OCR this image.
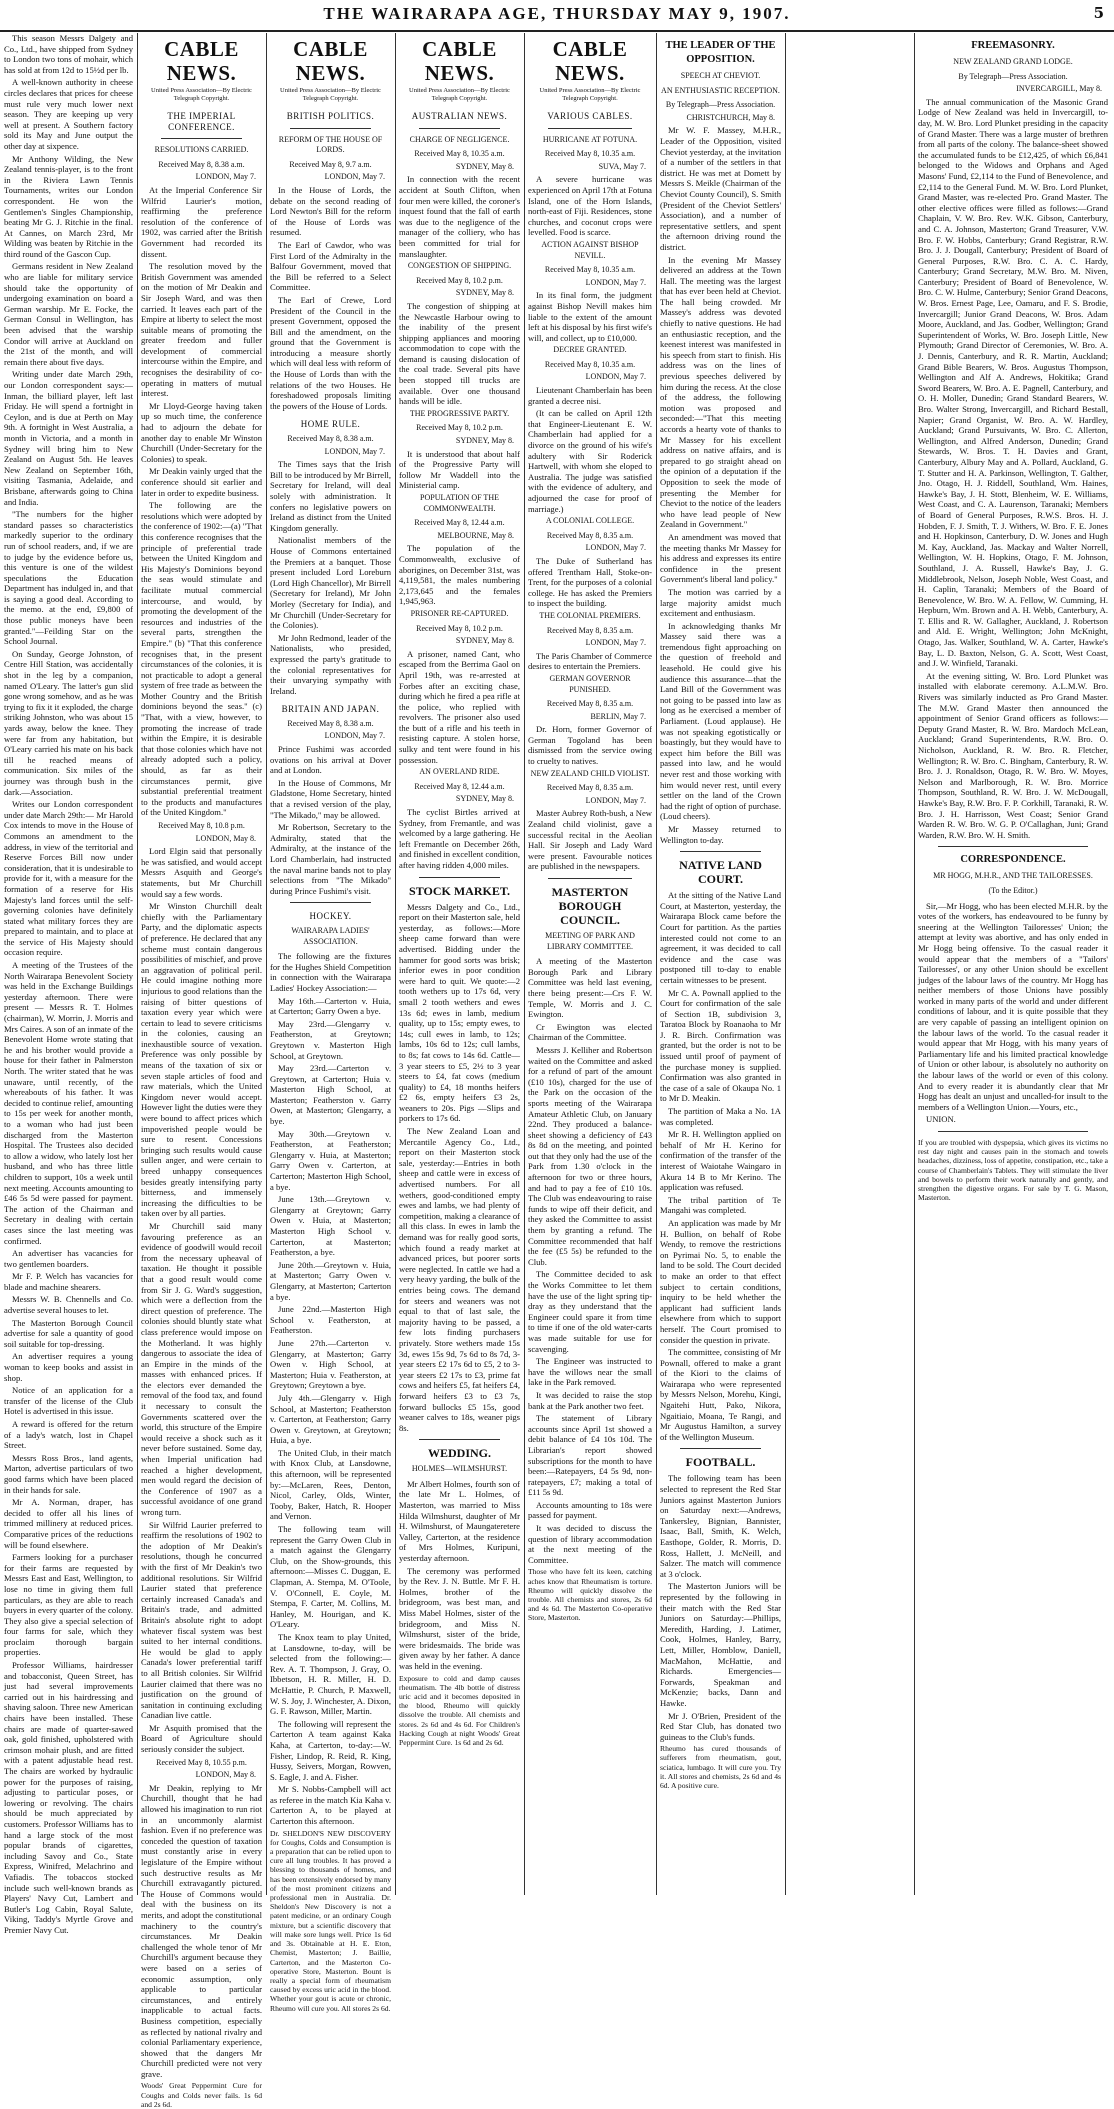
THE WAIRARAPA AGE, THURSDAY MAY 9, 1907.	5

This season Messrs Dalgety and Co., Ltd., have shipped from Sydney to London two tons of mohair, which has sold at from 12d to 15½d per lb.

A well-known authority in cheese circles declares that prices for cheese must rule very much lower next season. They are keeping up very well at present. A Southern factory sold its May and June output the other day at sixpence.

Mr Anthony Wilding, the New Zealand tennis-player, is to the front in the Riviera Lawn Tennis Tournaments, writes our London correspondent. He won the Gentlemen's Singles Championship, beating Mr G. J. Ritchie in the final. At Cannes, on March 23rd, Mr Wilding was beaten by Ritchie in the third round of the Gascon Cup.

Germans resident in New Zealand who are liable for military service should take the opportunity of undergoing examination on board a German warship. Mr E. Focke, the German Consul in Wellington, has been advised that the warship Condor will arrive at Auckland on the 21st of the month, and will remain there about five days.

Writing under date March 29th, our London correspondent says:— Inman, the billiard player, left last Friday. He will spend a fortnight in Ceylon, and is due at Perth on May 9th. A fortnight in West Australia, a month in Victoria, and a month in Sydney will bring him to New Zealand on August 5th. He leaves New Zealand on September 16th, visiting Tasmania, Adelaide, and Brisbane, afterwards going to China and India.

"The numbers for the higher standard passes so characteristics markedly superior to the ordinary run of school readers, and, if we are to judge by the evidence before us, this venture is one of the wildest speculations the Education Department has indulged in, and that is saying a good deal. According to the memo. at the end, £9,800 of those public moneys have been granted."—Feilding Star on the School Journal.

On Sunday, George Johnston, of Centre Hill Station, was accidentally shot in the leg by a companion, named O'Leary. The latter's gun slid gone wrong somehow, and as he was trying to fix it it exploded, the charge striking Johnston, who was about 15 yards away, below the knee. They were far from any habitation, but O'Leary carried his mate on his back till he reached means of communication. Six miles of the journey was through bush in the dark.—Association.

Writes our London correspondent under date March 29th:— Mr Harold Cox intends to move in the House of Commons an amendment to the address, in view of the territorial and Reserve Forces Bill now under consideration, that it is undesirable to provide for it, with a measure for the formation of a reserve for His Majesty's land forces until the self-governing colonies have definitely stated what military forces they are prepared to maintain, and to place at the service of His Majesty should occasion require.

A meeting of the Trustees of the North Wairarapa Benevolent Society was held in the Exchange Buildings yesterday afternoon. There were present — Messrs R. T. Holmes (chairman), W. Morrin, J. Morris and Mrs Caires. A son of an inmate of the Benevolent Home wrote stating that he and his brother would provide a house for their father in Palmerston North. The writer stated that he was unaware, until recently, of the whereabouts of his father. It was decided to continue relief, amounting to 15s per week for another month, to a woman who had just been discharged from the Masterton Hospital. The Trustees also decided to allow a widow, who lately lost her husband, and who has three little children to support, 10s a week until next meeting. Accounts amounting to £46 5s 5d were passed for payment. The action of the Chairman and Secretary in dealing with certain cases since the last meeting was confirmed.

An advertiser has vacancies for two gentlemen boarders.

Mr F. P. Welch has vacancies for blade and machine shearers.

Messrs W. B. Chennells and Co. advertise several houses to let.

The Masterton Borough Council advertise for sale a quantity of good soil suitable for top-dressing.

An advertiser requires a young woman to keep books and assist in shop.

Notice of an application for a transfer of the license of the Club Hotel is advertised in this issue.

A reward is offered for the return of a lady's watch, lost in Chapel Street.

Messrs Ross Bros., land agents, Marton, advertise particulars of two good farms which have been placed in their hands for sale.

Mr A. Norman, draper, has decided to offer all his lines of trimmed millinery at reduced prices. Comparative prices of the reductions will be found elsewhere.

Farmers looking for a purchaser for their farms are requested by Messrs East and East, Wellington, to lose no time in giving them full particulars, as they are able to reach buyers in every quarter of the colony. They also give a special selection of four farms for sale, which they proclaim thorough bargain properties.

Professor Williams, hairdresser and tobacconist, Queen Street, has just had several improvements carried out in his hairdressing and shaving saloon. Three new American chairs have been installed. These chairs are made of quarter-sawed oak, gold finished, upholstered with crimson mohair plush, and are fitted with a patent adjustable head rest. The chairs are worked by hydraulic power for the purposes of raising, adjusting to particular poses, or lowering or revolving. The chairs should be much appreciated by customers. Professor Williams has to hand a large stock of the most popular brands of cigarettes, including Savoy and Co., State Express, Winifred, Melachrino and Vafiadis. The tobaccos stocked include such well-known brands as Players' Navy Cut, Lambert and Butler's Log Cabin, Royal Salute, Viking, Taddy's Myrtle Grove and Premier Navy Cut.

CABLE NEWS.
United Press Association—By Electric Telegraph Copyright.
THE IMPERIAL CONFERENCE.
RESOLUTIONS CARRIED.
Received May 8, 8.38 a.m.
LONDON, May 7.

At the Imperial Conference Sir Wilfrid Laurier's motion, reaffirming the preference resolution of the conference of 1902, was carried after the British Government had recorded its dissent.

The resolution moved by the British Government was amended on the motion of Mr Deakin and Sir Joseph Ward, and was then carried. It leaves each part of the Empire at liberty to select the most suitable means of promoting the greater freedom and fuller development of commercial intercourse within the Empire, and recognises the desirability of co-operating in matters of mutual interest.

Mr Lloyd-George having taken up so much time, the conference had to adjourn the debate for another day to enable Mr Winston Churchill (Under-Secretary for the Colonies) to speak.

Mr Deakin vainly urged that the conference should sit earlier and later in order to expedite business.

The following are the resolutions which were adopted by the conference of 1902:—(a) "That this conference recognises that the principle of preferential trade between the United Kingdom and His Majesty's Dominions beyond the seas would stimulate and facilitate mutual commercial intercourse, and would, by promoting the development of the resources and industries of the several parts, strengthen the Empire." (b) "That this conference recognises that, in the present circumstances of the colonies, it is not practicable to adopt a general system of free trade as between the Mother Country and the British dominions beyond the seas." (c) "That, with a view, however, to promoting the increase of trade within the Empire, it is desirable that those colonies which have not already adopted such a policy, should, as far as their circumstances permit, give substantial preferential treatment to the products and manufactures of the United Kingdom."

Received May 8, 10.8 p.m.
LONDON, May 8.

Lord Elgin said that personally he was satisfied, and would accept Messrs Asquith and George's statements, but Mr Churchill would say a few words.

Mr Winston Churchill dealt chiefly with the Parliamentary Party, and the diplomatic aspects of preference. He declared that any scheme must contain dangerous possibilities of mischief, and prove an aggravation of political peril. He could imagine nothing more injurious to good relations than the raising of bitter questions of taxation every year which were certain to lead to severe criticisms in the colonies, causing an inexhaustible source of vexation. Preference was only possible by means of the taxation of six or seven staple articles of food and raw materials, which the United Kingdom never would accept. However light the duties were they were bound to affect prices which impoverished people would be sure to resent. Concessions bringing such results would cause sullen anger, and were certain to breed unhappy consequences besides greatly intensifying party bitterness, and immensely increasing the difficulties to be taken over by all parties.

Mr Churchill said many favouring preference as an evidence of goodwill would recoil from the necessary upheaval of taxation. He thought it possible that a good result would come from Sir J. G. Ward's suggestion, which were a deflection from the direct question of preference. The colonies should bluntly state what class preference would impose on the Motherland. It was highly dangerous to associate the idea of an Empire in the minds of the masses with enhanced prices. If the electors ever demanded the removal of the food tax, and found it necessary to consult the Governments scattered over the world, this structure of the Empire would receive a shock such as it never before sustained. Some day, when Imperial unification had reached a higher development, men would regard the decision of the Conference of 1907 as a successful avoidance of one grand wrong turn.

Sir Wilfrid Laurier preferred to reaffirm the resolutions of 1902 to the adoption of Mr Deakin's resolutions, though he concurred with the first of Mr Deakin's two additional resolutions. Sir Wilfrid Laurier stated that preference certainly increased Canada's and Britain's trade, and admitted Britain's absolute right to adopt whatever fiscal system was best suited to her internal conditions. He would be glad to apply Canada's lower preferential tariff to all British colonies. Sir Wilfrid Laurier claimed that there was no justification on the ground of sanitation in continuing excluding Canadian live cattle.

Mr Asquith promised that the Board of Agriculture should seriously consider the subject.

Received May 8, 10.55 p.m.
LONDON, May 8.

Mr Deakin, replying to Mr Churchill, thought that he had allowed his imagination to run riot in an uncommonly alarmist fashion. Even if no preference was conceded the question of taxation must constantly arise in every legislature of the Empire without such destructive results as Mr Churchill extravagantly pictured. The House of Commons would deal with the business on its merits, and adopt the constitutional machinery to the country's circumstances. Mr Deakin challenged the whole tenor of Mr Churchill's argument because they were based on a series of economic assumption, only applicable to particular circumstances, and entirely inapplicable to actual facts. Business competition, especially as reflected by national rivalry and colonial Parliamentary experience, showed that the dangers Mr Churchill predicted were not very grave.

Woods' Great Peppermint Cure for Coughs and Colds never fails. 1s 6d and 2s 6d.
CABLE NEWS.
United Press Association—By Electric Telegraph Copyright.
BRITISH POLITICS.
REFORM OF THE HOUSE OF LORDS.
Received May 8, 9.7 a.m.
LONDON, May 7.

In the House of Lords, the debate on the second reading of Lord Newton's Bill for the reform of the House of Lords was resumed.

The Earl of Cawdor, who was First Lord of the Admiralty in the Balfour Government, moved that the Bill be referred to a Select Committee.

The Earl of Crewe, Lord President of the Council in the present Government, opposed the Bill and the amendment, on the ground that the Government is introducing a measure shortly which will deal less with reform of the House of Lords than with the relations of the two Houses. He foreshadowed proposals limiting the powers of the House of Lords.

HOME RULE.
Received May 8, 8.38 a.m.
LONDON, May 7.

The Times says that the Irish Bill to be introduced by Mr Birrell, Secretary for Ireland, will deal solely with administration. It confers no legislative powers on Ireland as distinct from the United Kingdom generally.

Nationalist members of the House of Commons entertained the Premiers at a banquet. Those present included Lord Loreburn (Lord High Chancellor), Mr Birrell (Secretary for Ireland), Mr John Morley (Secretary for India), and Mr Churchill (Under-Secretary for the Colonies).

Mr John Redmond, leader of the Nationalists, who presided, expressed the party's gratitude to the colonial representatives for their unvarying sympathy with Ireland.

BRITAIN AND JAPAN.
Received May 8, 8.38 a.m.
LONDON, May 7.

Prince Fushimi was accorded ovations on his arrival at Dover and at London.

In the House of Commons, Mr Gladstone, Home Secretary, hinted that a revised version of the play, "The Mikado," may be allowed.

Mr Robertson, Secretary to the Admiralty, stated that the Admiralty, at the instance of the Lord Chamberlain, had instructed the naval marine bands not to play selections from "The Mikado" during Prince Fushimi's visit.

HOCKEY.
WAIRARAPA LADIES' ASSOCIATION.

The following are the fixtures for the Hughes Shield Competition in connection with the Wairarapa Ladies' Hockey Association:—

May 16th.—Carterton v. Huia, at Carterton; Garry Owen a bye.

May 23rd.—Glengarry v. Featherston, at Greytown; Greytown v. Masterton High School, at Greytown.

May 23rd.—Carterton v. Greytown, at Carterton; Huia v. Masterton High School, at Masterton; Featherston v. Garry Owen, at Masterton; Glengarry, a bye.

May 30th.—Greytown v. Featherston, at Featherston; Glengarry v. Huia, at Masterton; Garry Owen v. Carterton, at Carterton; Masterton High School, a bye.

June 13th.—Greytown v. Glengarry at Greytown; Garry Owen v. Huia, at Masterton; Masterton High School v. Carterton, at Masterton; Featherston, a bye.

June 20th.—Greytown v. Huia, at Masterton; Garry Owen v. Glengarry, at Masterton; Carterton a bye.

June 22nd.—Masterton High School v. Featherston, at Featherston.

June 27th.—Carterton v. Glengarry, at Masterton; Garry Owen v. High School, at Masterton; Huia v. Featherston, at Greytown; Greytown a bye.

July 4th.—Glengarry v. High School, at Masterton; Featherston v. Carterton, at Featherston; Garry Owen v. Greytown, at Greytown; Huia, a bye.

The United Club, in their match with Knox Club, at Lansdowne, this afternoon, will be represented by:—McLaren, Rees, Denton, Nicol, Carley, Olds, Winter, Tooby, Baker, Hatch, R. Hooper and Vernon.

The following team will represent the Garry Owen Club in a match against the Glengarry Club, on the Show-grounds, this afternoon:—Misses C. Duggan, E. Clapman, A. Stempa, M. O'Toole, V. O'Connell, E. Coyle, M. Stempa, F. Carter, M. Collins, M. Hanley, M. Hourigan, and K. O'Leary.

The Knox team to play United, at Lansdowne, to-day, will be selected from the following:—Rev. A. T. Thompson, J. Gray, O. Ibbetson, H. R. Miller, H. D. McHattie, P. Church, P. Maxwell, W. S. Joy, J. Winchester, A. Dixon, G. F. Rawson, Miller, Martin.

The following will represent the Carterton A team against Kaka Kaha, at Carterton, to-day:—W. Fisher, Lindop, R. Reid, R. King, Hussy, Seivers, Morgan, Rowven, S. Eagle, J. and A. Fisher.

Mr S. Nobbs-Campbell will act as referee in the match Kia Kaha v. Carterton A, to be played at Carterton this afternoon.

Dr. SHELDON'S NEW DISCOVERY for Coughs, Colds and Consumption is a preparation that can be relied upon to cure all lung troubles. It has proved a blessing to thousands of homes, and has been extensively endorsed by many of the most prominent citizens and professional men in Australia. Dr. Sheldon's New Discovery is not a patent medicine, or an ordinary Cough mixture, but a scientific discovery that will make sore lungs well. Price 1s 6d and 3s. Obtainable at H. E. Eton, Chemist, Masterton; J. Baillie, Carterton, and the Masterton Co-operative Store, Masterton. Bount is really a special form of rheumatism caused by excess uric acid in the blood. Whether your gout is acute or chronic, Rheumo will cure you. All stores 2s 6d.
CABLE NEWS.
United Press Association—By Electric Telegraph Copyright.
AUSTRALIAN NEWS.
CHARGE OF NEGLIGENCE.
Received May 8, 10.35 a.m.
SYDNEY, May 8.

In connection with the recent accident at South Clifton, when four men were killed, the coroner's inquest found that the fall of earth was due to the negligence of the manager of the colliery, who has been committed for trial for manslaughter.

CONGESTION OF SHIPPING.
Received May 8, 10.2 p.m.
SYDNEY, May 8.

The congestion of shipping at the Newcastle Harbour owing to the inability of the present shipping appliances and mooring accommodation to cope with the demand is causing dislocation of the coal trade. Several pits have been stopped till trucks are available. Over one thousand hands will be idle.

THE PROGRESSIVE PARTY.
Received May 8, 10.2 p.m.
SYDNEY, May 8.

It is understood that about half of the Progressive Party will follow Mr Waddell into the Ministerial camp.

POPULATION OF THE COMMONWEALTH.
Received May 8, 12.44 a.m.
MELBOURNE, May 8.

The population of the Commonwealth, exclusive of aborigines, on December 31st, was 4,119,581, the males numbering 2,173,645 and the females 1,945,963.

PRISONER RE-CAPTURED.
Received May 8, 10.2 p.m.
SYDNEY, May 8.

A prisoner, named Cant, who escaped from the Berrima Gaol on April 19th, was re-arrested at Forbes after an exciting chase, during which he fired a pea rifle at the police, who replied with revolvers. The prisoner also used the butt of a rifle and his teeth in resisting capture. A stolen horse, sulky and tent were found in his possession.

AN OVERLAND RIDE.
Received May 8, 12.44 a.m.
SYDNEY, May 8.

The cyclist Birtles arrived at Sydney, from Fremantle, and was welcomed by a large gathering. He left Fremantle on December 26th, and finished in excellent condition, after having ridden 4,000 miles.

STOCK MARKET.

Messrs Dalgety and Co., Ltd., report on their Masterton sale, held yesterday, as follows:—More sheep came forward than were advertised. Bidding under the hammer for good sorts was brisk; inferior ewes in poor condition were hard to quit. We quote:—2 tooth wethers up to 17s 6d, very small 2 tooth wethers and ewes 13s 6d; ewes in lamb, medium quality, up to 15s; empty ewes, to 14s; cull ewes in lamb, to 12s; lambs, 10s 6d to 12s; cull lambs, to 8s; fat cows to 14s 6d. Cattle—3 year steers to £5, 2½ to 3 year steers to £4, fat cows (medium quality) to £4, 18 months heifers £2 6s, empty heifers £3 2s, weaners to 20s. Pigs —Slips and porkers to 17s 6d.

The New Zealand Loan and Mercantile Agency Co., Ltd., report on their Masterton stock sale, yesterday:—Entries in both sheep and cattle were in excess of advertised numbers. For all wethers, good-conditioned empty ewes and lambs, we had plenty of competition, making a clearance of all this class. In ewes in lamb the demand was for really good sorts, which found a ready market at advanced prices, but poorer sorts were neglected. In cattle we had a very heavy yarding, the bulk of the entries being cows. The demand for steers and weaners was not equal to that of last sale, the majority having to be passed, a few lots finding purchasers privately. Store wethers made 15s 3d, ewes 15s 9d, 7s 6d to 8s 7d, 3-year steers £2 17s 6d to £5, 2 to 3-year steers £2 17s to £3, prime fat cows and heifers £5, fat heifers £4, forward heifers £3 to £3 7s, forward bullocks £5 15s, good weaner calves to 18s, weaner pigs 8s.

WEDDING.
HOLMES—WILMSHURST.

Mr Albert Holmes, fourth son of the late Mr L. Holmes, of Masterton, was married to Miss Hilda Wilmshurst, daughter of Mr H. Wilmshurst, of Maungateretere Valley, Carterton, at the residence of Mrs Holmes, Kuripuni, yesterday afternoon.

The ceremony was performed by the Rev. J. N. Buttle. Mr F. H. Holmes, brother of the bridegroom, was best man, and Miss Mabel Holmes, sister of the bridegroom, and Miss N. Wilmshurst, sister of the bride, were bridesmaids. The bride was given away by her father. A dance was held in the evening.

Exposure to cold and damp causes rheumatism. The 4lb bottle of distress uric acid and it becomes deposited in the blood, Rheumo will quickly dissolve the trouble. All chemists and stores. 2s 6d and 4s 6d. For Children's Hacking Cough at night Woods' Great Peppermint Cure. 1s 6d and 2s 6d.
CABLE NEWS.
United Press Association—By Electric Telegraph Copyright.
VARIOUS CABLES.
HURRICANE AT FOTUNA.
Received May 8, 10.35 a.m.
SUVA, May 7.

A severe hurricane was experienced on April 17th at Fotuna Island, one of the Horn Islands, north-east of Fiji. Residences, stone churches, and coconut crops were levelled. Food is scarce.

ACTION AGAINST BISHOP NEVILL.
Received May 8, 10.35 a.m.
LONDON, May 7.

In its final form, the judgment against Bishop Nevill makes him liable to the extent of the amount left at his disposal by his first wife's will, and collect, up to £10,000.

DECREE GRANTED.
Received May 8, 10.35 a.m.
LONDON, May 7.

Lieutenant Chamberlain has been granted a decree nisi.

(It can be called on April 12th that Engineer-Lieutenant E. W. Chamberlain had applied for a divorce on the ground of his wife's adultery with Sir Roderick Hartwell, with whom she eloped to Australia. The judge was satisfied with the evidence of adultery, and adjourned the case for proof of marriage.)

A COLONIAL COLLEGE.
Received May 8, 8.35 a.m.
LONDON, May 7.

The Duke of Sutherland has offered Trentham Hall, Stoke-on-Trent, for the purposes of a colonial college. He has asked the Premiers to inspect the building.

THE COLONIAL PREMIERS.
Received May 8, 8.35 a.m.
LONDON, May 7.

The Paris Chamber of Commerce desires to entertain the Premiers.

GERMAN GOVERNOR PUNISHED.
Received May 8, 8.35 a.m.
BERLIN, May 7.

Dr. Horn, former Governor of German Togoland has been dismissed from the service owing to cruelty to natives.

NEW ZEALAND CHILD VIOLIST.
Received May 8, 8.35 a.m.
LONDON, May 7.

Master Aubrey Roth-bush, a New Zealand child violinist, gave a successful recital in the Aeolian Hall. Sir Joseph and Lady Ward were present. Favourable notices are published in the newspapers.

MASTERTON BOROUGH COUNCIL.
MEETING OF PARK AND LIBRARY COMMITTEE.

A meeting of the Masterton Borough Park and Library Committee was held last evening, there being present:—Crs F. W. Temple, W. Morris and J. C. Ewington.

Cr Ewington was elected Chairman of the Committee.

Messrs J. Kelliher and Robertson waited on the Committee and asked for a refund of part of the amount (£10 10s), charged for the use of the Park on the occasion of the sports meeting of the Wairarapa Amateur Athletic Club, on January 22nd. They produced a balance-sheet showing a deficiency of £43 8s 8d on the meeting, and pointed out that they only had the use of the Park from 1.30 o'clock in the afternoon for two or three hours, and had to pay a fee of £10 10s. The Club was endeavouring to raise funds to wipe off their deficit, and they asked the Committee to assist them by granting a refund. The Committee recommended that half the fee (£5 5s) be refunded to the Club.

The Committee decided to ask the Works Committee to let them have the use of the light spring tip-dray as they understand that the Engineer could spare it from time to time if one of the old water-carts was made suitable for use for scavenging.

The Engineer was instructed to have the willows near the small lake in the Park removed.

It was decided to raise the stop bank at the Park another two feet.

The statement of Library accounts since April 1st showed a debit balance of £4 10s 10d. The Librarian's report showed subscriptions for the month to have been:—Ratepayers, £4 5s 9d, non-ratepayers, £7; making a total of £11 5s 9d.

Accounts amounting to 18s were passed for payment.

It was decided to discuss the question of library accommodation at the next meeting of the Committee.

Those who have felt its keen, catching aches know that Rheumatism is torture. Rheumo will quickly dissolve the trouble. All chemists and stores, 2s 6d and 4s 6d. The Masterton Co-operative Store, Masterton.
THE LEADER OF THE OPPOSITION.
SPEECH AT CHEVIOT.
AN ENTHUSIASTIC RECEPTION.
By Telegraph—Press Association.
CHRISTCHURCH, May 8.

Mr W. F. Massey, M.H.R., Leader of the Opposition, visited Cheviot yesterday, at the invitation of a number of the settlers in that district. He was met at Domett by Messrs S. Meikle (Chairman of the Cheviot County Council), S. Smith (President of the Cheviot Settlers' Association), and a number of representative settlers, and spent the afternoon driving round the district.

In the evening Mr Massey delivered an address at the Town Hall. The meeting was the largest that has ever been held at Cheviot. The hall being crowded. Mr Massey's address was devoted chiefly to native questions. He had an enthusiastic reception, and the keenest interest was manifested in his speech from start to finish. His address was on the lines of previous speeches delivered by him during the recess. At the close of the address, the following motion was proposed and seconded:—"That this meeting accords a hearty vote of thanks to Mr Massey for his excellent address on native affairs, and is prepared to go straight ahead on the opinion of a deputation if the Opposition to seek the mode of presenting the Member for Cheviot to the notice of the leaders who have lead people of New Zealand in Government."

An amendment was moved that the meeting thanks Mr Massey for his address and expresses its entire confidence in the present Government's liberal land policy."

The motion was carried by a large majority amidst much excitement and enthusiasm.

In acknowledging thanks Mr Massey said there was a tremendous fight approaching on the question of freehold and leasehold. He could give his audience this assurance—that the Land Bill of the Government was not going to be passed into law as long as he exercised a member of Parliament. (Loud applause). He was not speaking egotistically or boastingly, but they would have to expect him before the Bill was passed into law, and he would never rest and those working with him would never rest, until every settler on the land of the Crown had the right of option of purchase. (Loud cheers).

Mr Massey returned to Wellington to-day.

NATIVE LAND COURT.

At the sitting of the Native Land Court, at Masterton, yesterday, the Wairarapa Block came before the Court for partition. As the parties interested could not come to an agreement, it was decided to call evidence and the case was postponed till to-day to enable certain witnesses to be present.

Mr C. A. Pownall applied to the Court for confirmation of the sale of Section 1B, subdivision 3, Taratoa Block by Roanaoha to Mr J. R. Birch. Confirmation was granted, but the order is not to be issued until proof of payment of the purchase money is supplied. Confirmation was also granted in the case of a sale of Okaupa No. 1 to Mr D. Meakin.

The partition of Maka a No. 1A was completed.

Mr R. H. Wellington applied on behalf of Mr H. Kerino for confirmation of the transfer of the interest of Waiotahe Waingaro in Akura 14 B to Mr Kerino. The application was refused.

The tribal partition of Te Mangahi was completed.

An application was made by Mr H. Bullion, on behalf of Robe Wendy, to remove the restrictions on Pyrimai No. 5, to enable the land to be sold. The Court decided to make an order to that effect subject to certain conditions, inquiry to be held whether the applicant had sufficient lands elsewhere from which to support herself. The Court promised to consider the question in private.

The committee, consisting of Mr Pownall, offered to make a grant of the Kiori to the claims of Wairarapa who were represented by Messrs Nelson, Morehu, Kingi, Ngaitehi Hutt, Pako, Nikora, Ngaitiaio, Moana, Te Rangi, and Mr Augustus Hamilton, a survey of the Wellington Museum.

FOOTBALL.

The following team has been selected to represent the Red Star Juniors against Masterton Juniors on Saturday next:—Andrews, Tankersley, Bignian, Bannister, Isaac, Ball, Smith, K. Welch, Easthope, Golder, R. Morris, D. Ross, Hallett, J. McNeill, and Salzer. The match will commence at 3 o'clock.

The Masterton Juniors will be represented by the following in their match with the Red Star Juniors on Saturday:—Phillips, Meredith, Harding, J. Latimer, Cook, Holmes, Hanley, Barry, Lett, Miller, Homblow, Daniell, MacMahon, McHattie, and Richards. Emergencies—Forwards, Speakman and McKenzie; backs, Dann and Hawke.

Mr J. O'Brien, President of the Red Star Club, has donated two guineas to the Club's funds.

Rheumo has cured thousands of sufferers from rheumatism, gout, sciatica, lumbago. It will cure you. Try it. All stores and chemists, 2s 6d and 4s 6d. A positive cure.
FREEMASONRY.
NEW ZEALAND GRAND LODGE.
By Telegraph—Press Association.
INVERCARGILL, May 8.

The annual communication of the Masonic Grand Lodge of New Zealand was held in Invercargill, to-day, M. W. Bro. Lord Plunket presiding in the capacity of Grand Master. There was a large muster of brethren from all parts of the colony. The balance-sheet showed the accumulated funds to be £12,425, of which £6,841 belonged to the Widows and Orphans and Aged Masons' Fund, £2,114 to the Fund of Benevolence, and £2,114 to the General Fund. M. W. Bro. Lord Plunket, Grand Master, was re-elected Pro. Grand Master. The other elective offices were filled as follows:—Grand Chaplain, V. W. Bro. Rev. W.K. Gibson, Canterbury, and C. A. Johnson, Masterton; Grand Treasurer, V.W. Bro. F. W. Hobbs, Canterbury; Grand Registrar, R.W. Bro. J. J. Dougall, Canterbury; President of Board of General Purposes, R.W. Bro. C. A. C. Hardy, Canterbury; Grand Secretary, M.W. Bro. M. Niven, Canterbury; President of Board of Benevolence, W. Bro. C. W. Hulme, Canterbury; Senior Grand Deacons, W. Bros. Ernest Page, Lee, Oamaru, and F. S. Brodie, Invercargill; Junior Grand Deacons, W. Bros. Adam Moore, Auckland, and Jas. Godber, Wellington; Grand Superintendent of Works, W. Bro. Joseph Little, New Plymouth; Grand Director of Ceremonies, W. Bro. A. J. Dennis, Canterbury, and R. R. Martin, Auckland; Grand Bible Bearers, W. Bros. Augustus Thompson, Wellington and Alf A. Andrews, Hokitika; Grand Sword Bearers, W. Bro. A. E. Pagnell, Canterbury, and O. H. Moller, Dunedin; Grand Standard Bearers, W. Bro. Walter Strong, Invercargill, and Richard Bestall, Napier; Grand Organist, W. Bro. A. W. Hardley, Auckland; Grand Pursuivants, W. Bro. C. Allerton, Wellington, and Alfred Anderson, Dunedin; Grand Stewards, W. Bros. T. H. Davies and Grant, Canterbury, Albury May and A. Pollard, Auckland, G. T. Stutter and H. A. Parkinson, Wellington, T. Galther, Jno. Otago, H. J. Riddell, Southland, Wm. Haines, Hawke's Bay, J. H. Stott, Blenheim, W. E. Williams, West Coast, and C. A. Laurenson, Taranaki; Members of Board of General Purposes, R.W.S. Bros. H. J. Hobden, F. J. Smith, T. J. Withers, W. Bro. F. E. Jones and H. Hopkinson, Canterbury, D. W. Jones and Hugh M. Kay, Auckland, Jas. Mackay and Walter Norrell, Wellington, W. H. Hopkins, Otago, F. M. Johnson, Southland, J. A. Russell, Hawke's Bay, J. G. Middlebrook, Nelson, Joseph Noble, West Coast, and H. Caplin, Taranaki; Members of the Board of Benevolence, W. Bro. W. A. Fellow, W. Cumming, H. Hepburn, Wm. Brown and A. H. Webb, Canterbury, A. T. Ellis and R. W. Gallagher, Auckland, J. Robertson and Ald. E. Wright, Wellington; John McKnight, Otago, Jas. Walker, Southland, W. A. Carter, Hawke's Bay, L. D. Baxton, Nelson, G. A. Scott, West Coast, and J. W. Winfield, Taranaki.

At the evening sitting, W. Bro. Lord Plunket was installed with elaborate ceremony. A.L.M.W. Bro. Rivers was similarly inducted as Pro Grand Master. The M.W. Grand Master then announced the appointment of Senior Grand officers as follows:—Deputy Grand Master, R. W. Bro. Mardoch McLean, Auckland; Grand Superintendents, R.W. Bro. O. Nicholson, Auckland, R. W. Bro. R. Fletcher, Wellington; R. W. Bro. C. Bingham, Canterbury, R. W. Bro. J. J. Ronaldson, Otago, R. W. Bro. W. Moyes, Nelson and Marlborough, R. W. Bro. Morrice Thompson, Southland, R. W. Bro. J. W. McDougall, Hawke's Bay, R.W. Bro. F. P. Corkhill, Taranaki, R. W. Bro. J. H. Harrisson, West Coast; Senior Grand Warden R. W. Bro. W. G. P. O'Callaghan, Juni; Grand Warden, R.W. Bro. W. H. Smith.

CORRESPONDENCE.
MR HOGG, M.H.R., AND THE TAILORESSES.
(To the Editor.)

Sir,—Mr Hogg, who has been elected M.H.R. by the votes of the workers, has endeavoured to be funny by sneering at the Wellington Tailoresses' Union; the attempt at levity was abortive, and has only ended in Mr Hogg being offensive. To the casual reader it would appear that the members of a "Tailors' Tailoresses', or any other Union should be excellent judges of the labour laws of the country. Mr Hogg has neither members of those Unions have possibly worked in many parts of the world and under different conditions of labour, and it is quite possible that they are very capable of passing an intelligent opinion on the labour laws of the world. To the casual reader it would appear that Mr Hogg, with his many years of Parliamentary life and his limited practical knowledge of Union or other labour, is absolutely no authority on the labour laws of the world or even of this colony. And to every reader it is abundantly clear that Mr Hogg has dealt an unjust and uncalled-for insult to the members of a Wellington Union.—Yours, etc.,

UNION.

If you are troubled with dyspepsia, which gives its victims no rest day night and causes pain in the stomach and towels headaches, dizziness, loss of appetite, constipation, etc., take a course of Chamberlain's Tablets. They will stimulate the liver and bowels to perform their work naturally and gently, and strengthen the digestive organs. For sale by T. G. Mason, Masterton.
